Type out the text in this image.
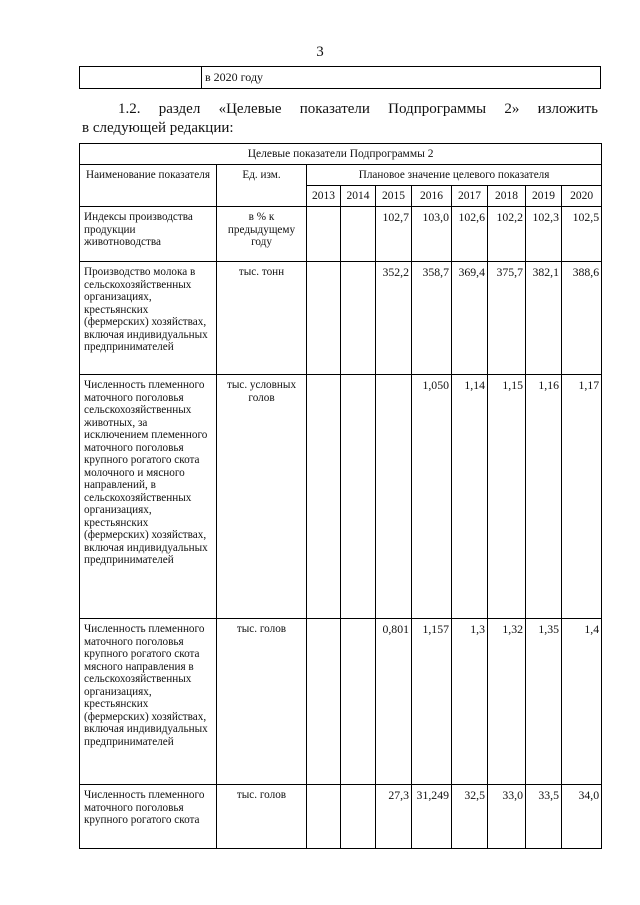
3
	в 2020 году
1.2. раздел «Целевые показатели Подпрограммы 2» изложить
в следующей редакции:
Целевые показатели Подпрограммы 2									
Наименование показателя	Ед. изм.	Плановое значение целевого показателя							
		2013	2014	2015	2016	2017	2018	2019	2020
Индексы производства продукции животноводства	в % к предыдущему году			102,7	103,0	102,6	102,2	102,3	102,5
Производство молока в сельскохозяйственных организациях, крестьянских (фермерских) хозяйствах, включая индивидуальных предпринимателей	тыс. тонн			352,2	358,7	369,4	375,7	382,1	388,6
Численность племенного маточного поголовья сельскохозяйственных животных, за исключением племенного маточного поголовья крупного рогатого скота молочного и мясного направлений, в сельскохозяйственных организациях, крестьянских (фермерских) хозяйствах, включая индивидуальных предпринимателей	тыс. условных голов				1,050	1,14	1,15	1,16	1,17
Численность племенного маточного поголовья крупного рогатого скота мясного направления в сельскохозяйственных организациях, крестьянских (фермерских) хозяйствах, включая индивидуальных предпринимателей	тыс. голов			0,801	1,157	1,3	1,32	1,35	1,4
Численность племенного маточного поголовья крупного рогатого скота	тыс. голов			27,3	31,249	32,5	33,0	33,5	34,0
